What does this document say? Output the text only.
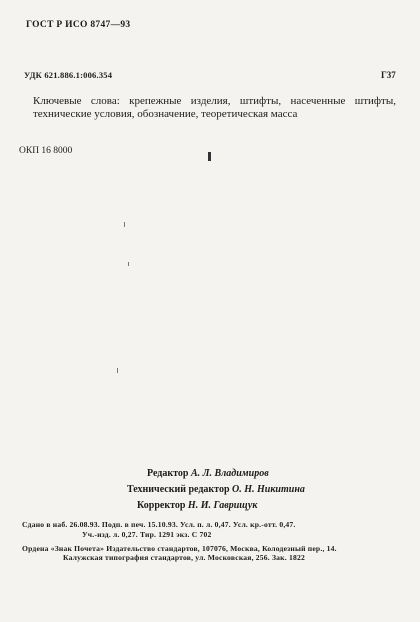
ГОСТ Р ИСО 8747—93
УДК 621.886.1:006.354	Г37
Ключевые слова: крепежные изделия, штифты, насеченные штифты, технические условия, обозначение, теоретическая масса
ОКП 16 8000
Редактор А. Л. Владимиров
Технический редактор О. Н. Никитина
Корректор Н. И. Гаврищук
Сдано в наб. 26.08.93. Подп. в печ. 15.10.93. Усл. п. л. 0,47. Усл. кр.-отт. 0,47.
Уч.-изд. л. 0,27. Тир. 1291 экз. С 702
Ордена «Знак Почета» Издательство стандартов, 107076, Москва, Колодезный пер., 14.
Калужская типография стандартов, ул. Московская, 256. Зак. 1822
